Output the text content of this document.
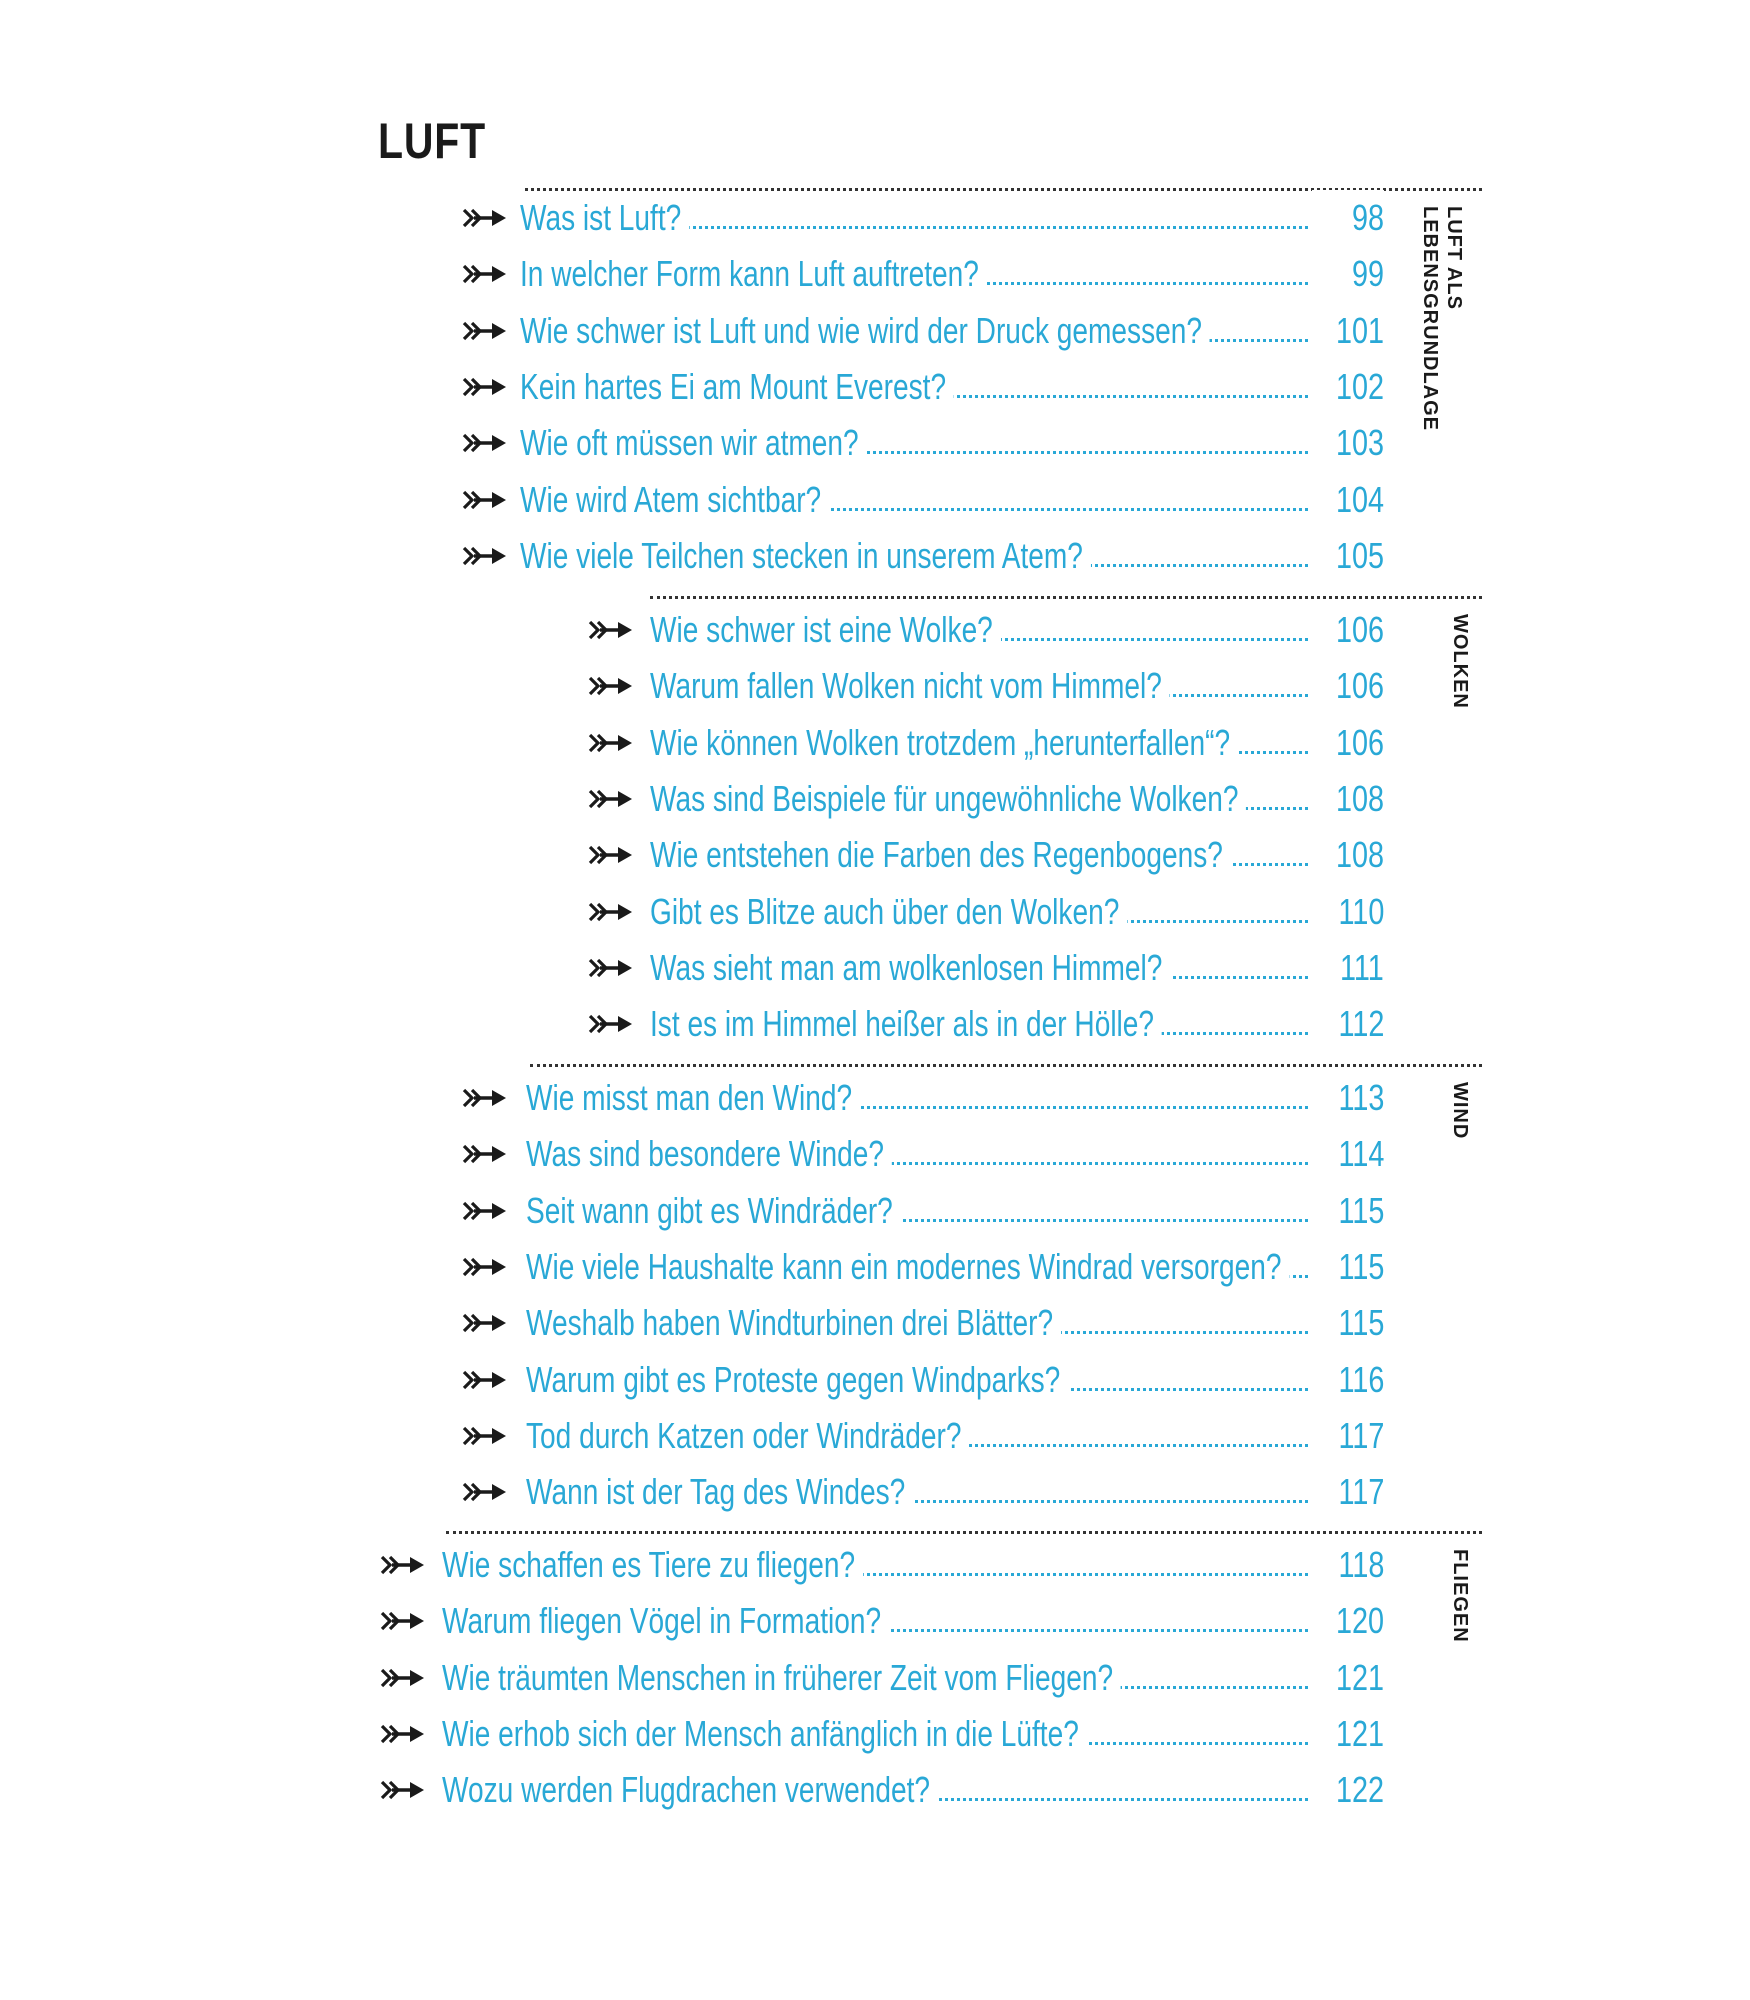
LUFT
LUFT ALS LEBENSGRUNDLAGE
Was ist Luft?	98
In welcher Form kann Luft auftreten?	99
Wie schwer ist Luft und wie wird der Druck gemessen?	101
Kein hartes Ei am Mount Everest?	102
Wie oft müssen wir atmen?	103
Wie wird Atem sichtbar?	104
Wie viele Teilchen stecken in unserem Atem?	105
WOLKEN
Wie schwer ist eine Wolke?	106
Warum fallen Wolken nicht vom Himmel?	106
Wie können Wolken trotzdem „herunterfallen“?	106
Was sind Beispiele für ungewöhnliche Wolken?	108
Wie entstehen die Farben des Regenbogens?	108
Gibt es Blitze auch über den Wolken?	110
Was sieht man am wolkenlosen Himmel?	111
Ist es im Himmel heißer als in der Hölle?	112
WIND
Wie misst man den Wind?	113
Was sind besondere Winde?	114
Seit wann gibt es Windräder?	115
Wie viele Haushalte kann ein modernes Windrad versorgen? 115
Weshalb haben Windturbinen drei Blätter?	115
Warum gibt es Proteste gegen Windparks?	116
Tod durch Katzen oder Windräder?	117
Wann ist der Tag des Windes?	117
FLIEGEN
Wie schaffen es Tiere zu fliegen?	118
Warum fliegen Vögel in Formation?	120
Wie träumten Menschen in früherer Zeit vom Fliegen?	121
Wie erhob sich der Mensch anfänglich in die Lüfte?	121
Wozu werden Flugdrachen verwendet?	122
